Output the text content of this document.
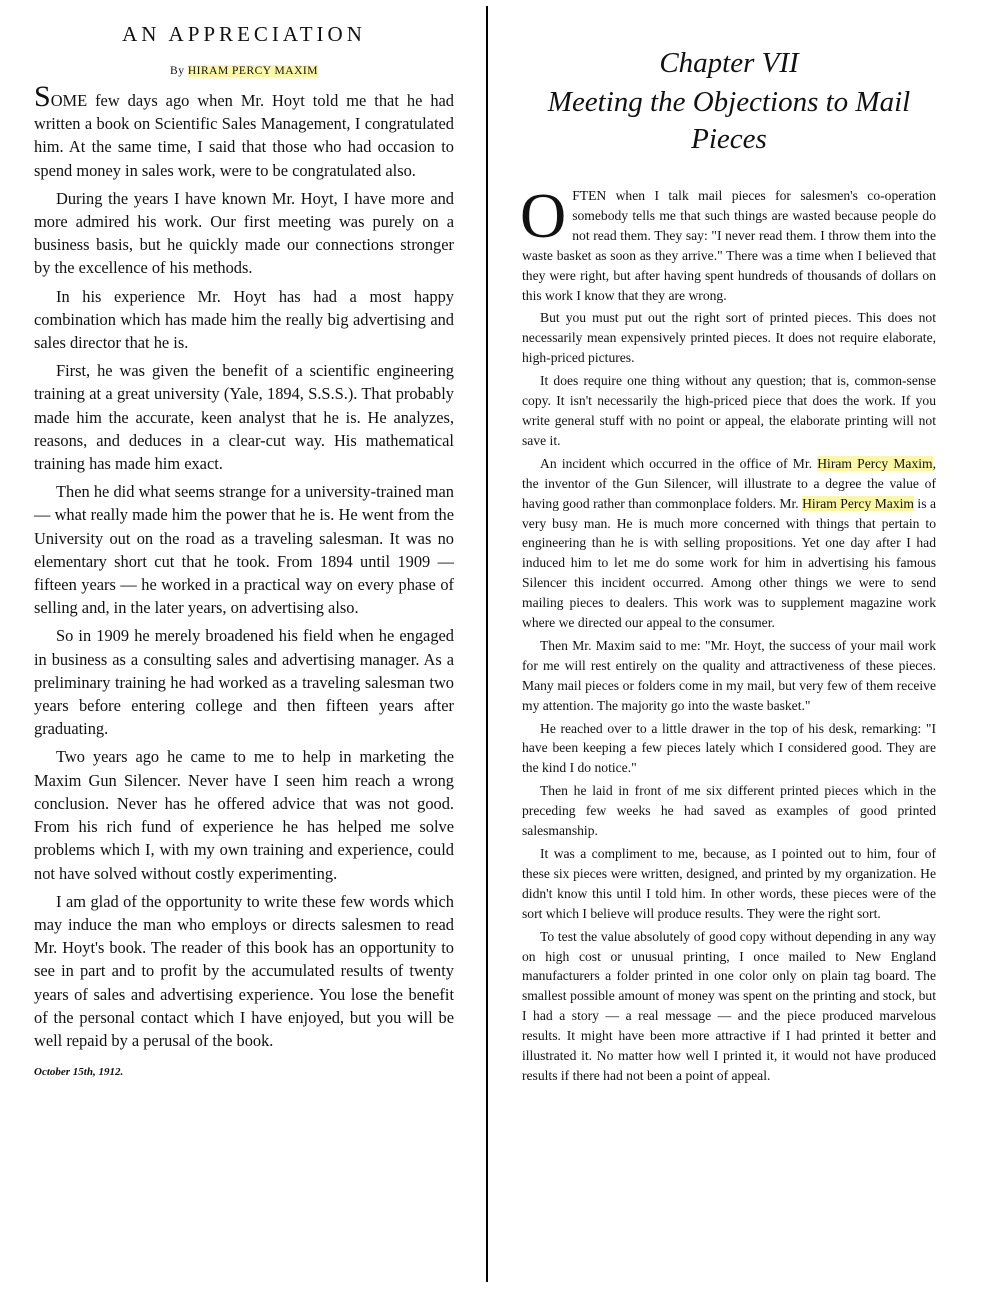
AN APPRECIATION
By HIRAM PERCY MAXIM

SOME few days ago when Mr. Hoyt told me that he had written a book on Scientific Sales Management, I congratulated him. At the same time, I said that those who had occasion to spend money in sales work, were to be congratulated also.

During the years I have known Mr. Hoyt, I have more and more admired his work. Our first meeting was purely on a business basis, but he quickly made our connections stronger by the excellence of his methods.

In his experience Mr. Hoyt has had a most happy combination which has made him the really big advertising and sales director that he is.

First, he was given the benefit of a scientific engineering training at a great university (Yale, 1894, S.S.S.). That probably made him the accurate, keen analyst that he is. He analyzes, reasons, and deduces in a clear-cut way. His mathematical training has made him exact.

Then he did what seems strange for a university-trained man — what really made him the power that he is. He went from the University out on the road as a traveling salesman. It was no elementary short cut that he took. From 1894 until 1909 — fifteen years — he worked in a practical way on every phase of selling and, in the later years, on advertising also.

So in 1909 he merely broadened his field when he engaged in business as a consulting sales and advertising manager. As a preliminary training he had worked as a traveling salesman two years before entering college and then fifteen years after graduating.

Two years ago he came to me to help in marketing the Maxim Gun Silencer. Never have I seen him reach a wrong conclusion. Never has he offered advice that was not good. From his rich fund of experience he has helped me solve problems which I, with my own training and experience, could not have solved without costly experimenting.

I am glad of the opportunity to write these few words which may induce the man who employs or directs salesmen to read Mr. Hoyt's book. The reader of this book has an opportunity to see in part and to profit by the accumulated results of twenty years of sales and advertising experience. You lose the benefit of the personal contact which I have enjoyed, but you will be well repaid by a perusal of the book.

October 15th, 1912.
Chapter VII
Meeting the Objections to Mail Pieces

OFTEN when I talk mail pieces for salesmen's co-operation somebody tells me that such things are wasted because people do not read them. They say: "I never read them. I throw them into the waste basket as soon as they arrive." There was a time when I believed that they were right, but after having spent hundreds of thousands of dollars on this work I know that they are wrong.

But you must put out the right sort of printed pieces. This does not necessarily mean expensively printed pieces. It does not require elaborate, high-priced pictures.

It does require one thing without any question; that is, common-sense copy. It isn't necessarily the high-priced piece that does the work. If you write general stuff with no point or appeal, the elaborate printing will not save it.

An incident which occurred in the office of Mr. Hiram Percy Maxim, the inventor of the Gun Silencer, will illustrate to a degree the value of having good rather than commonplace folders. Mr. Hiram Percy Maxim is a very busy man. He is much more concerned with things that pertain to engineering than he is with selling propositions. Yet one day after I had induced him to let me do some work for him in advertising his famous Silencer this incident occurred. Among other things we were to send mailing pieces to dealers. This work was to supplement magazine work where we directed our appeal to the consumer.

Then Mr. Maxim said to me: "Mr. Hoyt, the success of your mail work for me will rest entirely on the quality and attractiveness of these pieces. Many mail pieces or folders come in my mail, but very few of them receive my attention. The majority go into the waste basket."

He reached over to a little drawer in the top of his desk, remarking: "I have been keeping a few pieces lately which I considered good. They are the kind I do notice."

Then he laid in front of me six different printed pieces which in the preceding few weeks he had saved as examples of good printed salesmanship.

It was a compliment to me, because, as I pointed out to him, four of these six pieces were written, designed, and printed by my organization. He didn't know this until I told him. In other words, these pieces were of the sort which I believe will produce results. They were the right sort.

To test the value absolutely of good copy without depending in any way on high cost or unusual printing, I once mailed to New England manufacturers a folder printed in one color only on plain tag board. The smallest possible amount of money was spent on the printing and stock, but I had a story — a real message — and the piece produced marvelous results. It might have been more attractive if I had printed it better and illustrated it. No matter how well I printed it, it would not have produced results if there had not been a point of appeal.
